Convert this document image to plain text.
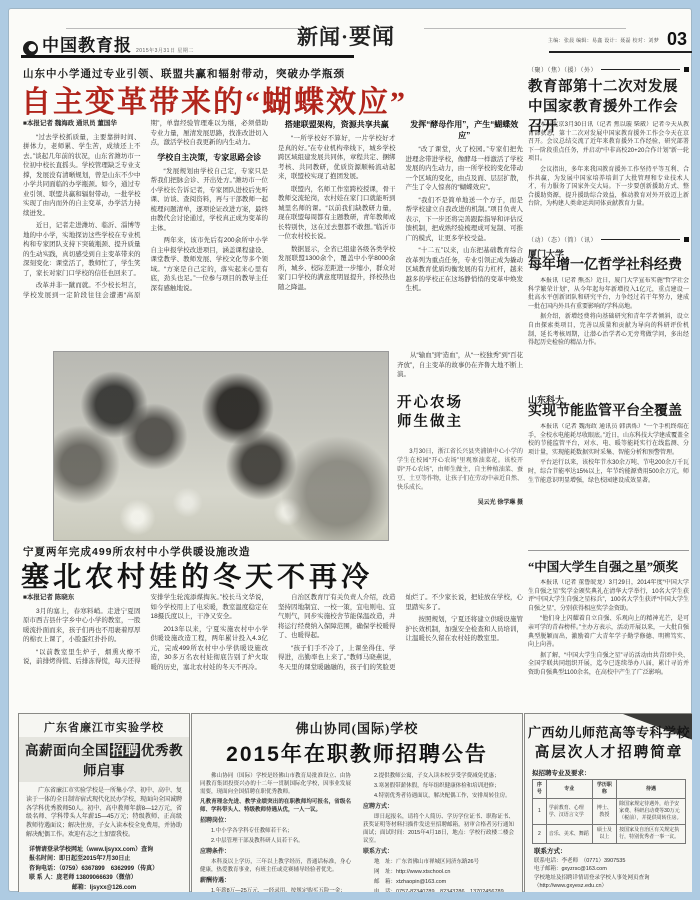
中国教育报 2015年3月31日 星期二
新闻·要闻	主编：张晨 编辑：易鑫 设计：聂磊 校对：刘梦 03
山东中小学通过专业引领、联盟共赢和辐射带动，突破办学瓶颈
自主变革带来的“蝴蝶效应”

■本报记者 魏海政 通讯员 董国华

“过去学校抓质量，主要靠拼时间、拼体力，老师累、学生苦，成绩还上不去。”谈起几年前的状况，山东省潍坊市一位初中校长直摇头。学校管理缺乏专业支撑，发展没有清晰规划，曾是山东不少中小学共同面临的办学瓶颈。如今，通过专业引领、联盟共赢和辐射带动，一批学校实现了由内而外的自主变革，办学活力持续迸发。

近日，记者走进潍坊、临沂、淄博等地的中小学，实地探访这些学校在专业机构和专家团队支持下突破瓶颈、提升质量的生动实践，真切感受到自主变革带来的深刻变化：课堂活了，教师忙了，学生笑了，家长对家门口学校的信任也回来了。

改革并非一蹴而就。不少校长坦言，学校发展到一定阶段往往会遭遇“高原期”，单靠经验管理难以为继，必须借助专业力量，厘清发展思路，找准改进切入点，激活学校自我更新的内生动力。

学校自主决策，专家思路会诊

“发展规划由学校自己定，专家只是帮我们把脉会诊、开出处方。”潍坊市一位小学校长告诉记者，专家团队进校后先听课、访谈、查阅资料，再与干部教师一起梳理问题清单，逐项论证改进方案，最终由教代会讨论通过，学校真正成为变革的主体。

两年来，该市先后有200余所中小学自主申报学校改进项目，涵盖课程建设、课堂教学、教师发展、学校文化等多个领域。“方案是自己定的，落实起来心里有底，劲头也足。”一位参与项目的教导主任深有感触地说。

搭建联盟架构，资源共享共赢

“一所学校好不算好，一片学校好才是真的好。”在专业机构牵线下，城乡学校跨区域组建发展共同体，章程共定、捆绑考核、共同教研，优质资源顺畅流动起来，联盟校实现了抱团发展。

联盟内，名师工作室跨校授课，骨干教师交流轮岗，农村娃在家门口就能听到城里名师的课。“以前我们缺教研力量，现在联盟每周都有主题教研，青年教师成长特别快，这在过去想都不敢想。”临沂市一位农村校长说。

数据显示，全省已组建各级各类学校发展联盟1300余个，覆盖中小学8000余所，城乡、校际差距进一步缩小，群众对家门口学校的满意度明显提升，择校热也随之降温。

发挥“酵母作用”，产生“蝴蝶效应”

“改了课堂，火了校园。”专家们把先进理念带进学校，像酵母一样激活了学校发展的内生动力，由一所学校的变化带动一个区域的变化，由点及面、层层扩散，产生了令人惊喜的“蝴蝶效应”。

“我们不是简单地送一个方子，而是帮学校建立自我改进的机制。”项目负责人表示，下一步还将完善跟踪指导和评估反馈机制，把成熟经验梳理成可复制、可推广的模式，让更多学校受益。

“十二五”以来，山东把基础教育综合改革列为重点任务，专业引领正成为撬动区域教育优质均衡发展的有力杠杆，越来越多的学校正在这场静悄悄的变革中焕发生机。

从“输血”到“造血”，从“一校独秀”到“百花齐放”，自主变革的故事仍在齐鲁大地不断上演。

开心农场
师生做主

　　3月30日，浙江省长兴县夹浦镇中心小学的学生在校园“开心农场”里观察油菜花。该校开辟“开心农场”，由师生做主，自主种植油菜、蚕豆、土豆等作物，让孩子们在劳动中亲近自然、快乐成长。

吴云光 徐学琳 摄
宁夏两年完成499所农村中小学供暖设施改造
塞北农村娃的冬天不再冷

■本报记者 陈晓东

3月的塞上，春寒料峭。走进宁夏固原市西吉县什字乡中心小学的教室，一股暖流扑面而来，孩子们再也不用裹着厚厚的棉衣上课了，小脸蛋红扑扑的。

“以前教室里生炉子，烟熏火燎不说，前排烤得慌、后排冻得慌，每天还得安排学生轮流添煤掏灰。”校长马文华说，如今学校用上了电采暖，教室温度稳定在18摄氏度以上，干净又安全。

2013年以来，宁夏实施农村中小学供暖设施改造工程，两年累计投入4.3亿元，完成499所农村中小学供暖设施改造，30多万名农村娃彻底告别了炉火取暖的历史，塞北农村娃的冬天不再冷。

自治区教育厅有关负责人介绍，改造坚持因地制宜、一校一策，宜电则电、宜气则气，同步实施校舍节能保温改造，并将运行经费纳入保障范围，确保学校暖得了、也暖得起。

“孩子们手不冷了，上课坐得住、学得进，出勤率也上来了。”教师马晓燕说，冬天里的课堂暖融融的，孩子们的笑脸更灿烂了。不少家长说，把娃放在学校，心里踏实多了。

按照规划，宁夏还将建立供暖设施管护长效机制，加强安全检查和人员培训，让温暖长久留在农村娃的教室里。

（聚）（焦）（援）（外）
教育部第十二次对发展中国家教育援外工作会召开

本报北京3月30日讯（记者 焦以璇 柴葳）记者今天从教育部获悉，第十二次对发展中国家教育援外工作会今天在京召开。会议总结交流了近年来教育援外工作经验，研究部署下一阶段重点任务，并启动“中非高校20+20合作计划”新一轮项目。

会议指出，多年来我国教育援外工作坚持平等互利、合作共赢，为发展中国家培养培训了大批管理和专业技术人才，有力服务了国家外交大局。下一步要创新援助方式、整合援助资源，提升援助综合效益，推动教育对外开放迈上新台阶，为构建人类命运共同体贡献教育力量。

（动）（态）（简）（讯）
厦门大学
每年增一亿哲学社科经费

本报讯（记者 熊杰）近日，厦门大学宣布实施“哲学社会科学繁荣计划”，从今年起每年新增投入1亿元，重点建设一批高水平创新团队和研究平台，力争经过若干年努力，建成一批在国内外具有重要影响的学科高地。

据介绍，新增经费将向基础研究和青年学者倾斜，设立自由探索类项目，完善以质量和贡献为导向的科研评价机制，延长考核周期，让潜心治学者心无旁骛做学问，多出经得起历史检验的精品力作。

山东科大
实现节能监管平台全覆盖

本报讯（记者 魏海政 通讯员 韩洪烁）“一个手机终端在手，全校水电能耗尽收眼底。”近日，山东科技大学建成覆盖全校的节能监管平台，对水、电、暖等能耗实行在线监测、分项计量，实现能耗数据实时采集、智能分析和预警管理。

平台运行以来，该校年节水30余万吨、节电200余万千瓦时，综合节能率达15%以上，年节约能源费用500余万元，师生节能意识明显增强，绿色校园建设成效显著。

“中国大学生自强之星”颁奖

本报讯（记者 董鲁皖龙）3月29日，2014年度“中国大学生自强之星”奖学金颁奖典礼在清华大学举行，10名大学生获评“中国大学生自强之星标兵”，100名大学生获评“中国大学生自强之星”，分别获得相应奖学金资助。

“他们身上闪耀着自立自强、乐观向上的精神光芒，是可亲可学的青春榜样。”主办方表示，活动开展以来，一大批自强典型脱颖而出，激励着广大青年学子勤学修德、明辨笃实、向上向善。

据了解，“中国大学生自强之星”寻访活动由共青团中央、全国学联共同组织开展，迄今已连续举办八届，累计寻访并资助自强典型1100余名，在高校中产生了广泛影响。

广东省廉江市实验学校
高薪面向全国 招聘 优秀教师启事

广东省廉江市实验学校是一所集小学、初中、高中、复读于一体的全日制寄宿式现代化民办学校，现面向全国诚聘各学科优秀教师50人。初中、高中教师年薪8—12万元，省级名师、学科带头人年薪15—45万元；特级教师、正高级教师待遇面议；解决住房，子女入读本校全免费用，并协助解决配偶工作。欢迎有志之士加盟我校。

详情请登录学校网址（www.ljsyxx.com）查询
报名时间：即日起至2015年7月30日止
咨询电话：（0759）6367899　6362999（传真）
联 系 人：庞老师 13809066639（微信）
邮箱：ljsyxx@126.com
佛山协同(国际)学校
2015年在职教师招聘公告

佛山协同（国际）学校是经佛山市教育局批准设立、由协同教育集团投资兴办的十二年一贯制国际化学校，因事业发展需要，现面向全国招聘在职优秀教师。

凡教育理念先进、教学业绩突出的在职教师均可报名，省级名师、学科带头人、特级教师待遇从优，一人一议。

招聘岗位：

1.中小学各学科专任教师若干名；

2.中层管理干部及教科研人员若干名。

应聘条件：

本科及以上学历，三年以上教学经历，普通话标准，身心健康，热爱教育事业，有班主任或竞赛辅导经验者优先。

薪酬待遇：

1.年薪8万—25万元，一经录用，按规定购买五险一金；

2.提供教师公寓，子女入读本校享受学费减免优惠；

3.寒暑假带薪休假，每年组织健康体检和培训进修；

4.特别优秀者待遇面议，解决配偶工作，安排周转住房。

应聘方式：

即日起报名，请将个人简历、学历学位证书、职称证书、获奖证明等材料扫描件发送至招聘邮箱，初审合格者另行通知面试；面试时间：2015年4月18日，地点：学校行政楼二楼会议室。

联系方式：

地　址：广东省佛山市禅城区同济东路26号

网　址：http://www.xtschool.cn

邮　箱：xtzhaopin@163.com

电　话：0757-82340789　82343286　13702456789

广西幼儿师范高等专科学校
高层次人才招聘简章
拟招聘专业及要求：
序号	专业	学历职称	待遇
1	学前教育、心理学、汉语言文学	博士、教授	除国家规定待遇外，给予安家费、科研启动费等30万元（税前），并提供周转住房。
2	音乐、美术、舞蹈	硕士及以上	按国家及自治区有关规定执行，特别优秀者一事一议。
联系方式：
联系电话：李老师　（0771）3907535
电子邮箱：gxyzrsc@163.com
学校地址及招聘详情请登录学校人事处网页查询
（http://www.gxyesz.edu.cn）
